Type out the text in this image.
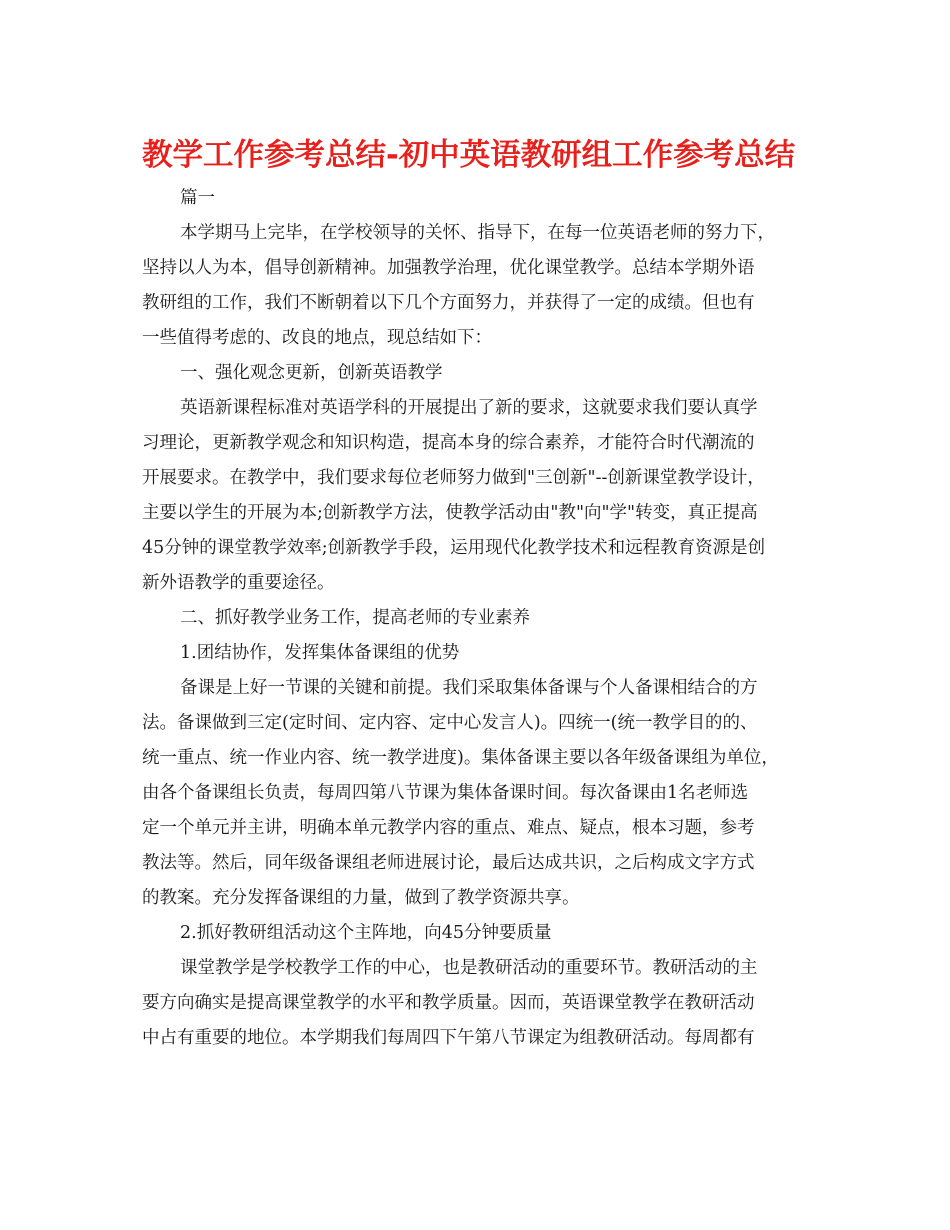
教学工作参考总结-初中英语教研组工作参考总结

篇一

本学期马上完毕，在学校领导的关怀、指导下，在每一位英语老师的努力下，

坚持以人为本，倡导创新精神。加强教学治理，优化课堂教学。总结本学期外语

教研组的工作，我们不断朝着以下几个方面努力，并获得了一定的成绩。但也有

一些值得考虑的、改良的地点，现总结如下：

一、强化观念更新，创新英语教学

英语新课程标准对英语学科的开展提出了新的要求，这就要求我们要认真学

习理论，更新教学观念和知识构造，提高本身的综合素养，才能符合时代潮流的

开展要求。在教学中，我们要求每位老师努力做到"三创新"--创新课堂教学设计，

主要以学生的开展为本;创新教学方法，使教学活动由"教"向"学"转变，真正提高

45分钟的课堂教学效率;创新教学手段，运用现代化教学技术和远程教育资源是创

新外语教学的重要途径。

二、抓好教学业务工作，提高老师的专业素养

1.团结协作，发挥集体备课组的优势

备课是上好一节课的关键和前提。我们采取集体备课与个人备课相结合的方

法。备课做到三定(定时间、定内容、定中心发言人)。四统一(统一教学目的的、

统一重点、统一作业内容、统一教学进度)。集体备课主要以各年级备课组为单位，

由各个备课组长负责，每周四第八节课为集体备课时间。每次备课由1名老师选

定一个单元并主讲，明确本单元教学内容的重点、难点、疑点，根本习题，参考

教法等。然后，同年级备课组老师进展讨论，最后达成共识，之后构成文字方式

的教案。充分发挥备课组的力量，做到了教学资源共享。

2.抓好教研组活动这个主阵地，向45分钟要质量

课堂教学是学校教学工作的中心，也是教研活动的重要环节。教研活动的主

要方向确实是提高课堂教学的水平和教学质量。因而，英语课堂教学在教研活动

中占有重要的地位。本学期我们每周四下午第八节课定为组教研活动。每周都有
